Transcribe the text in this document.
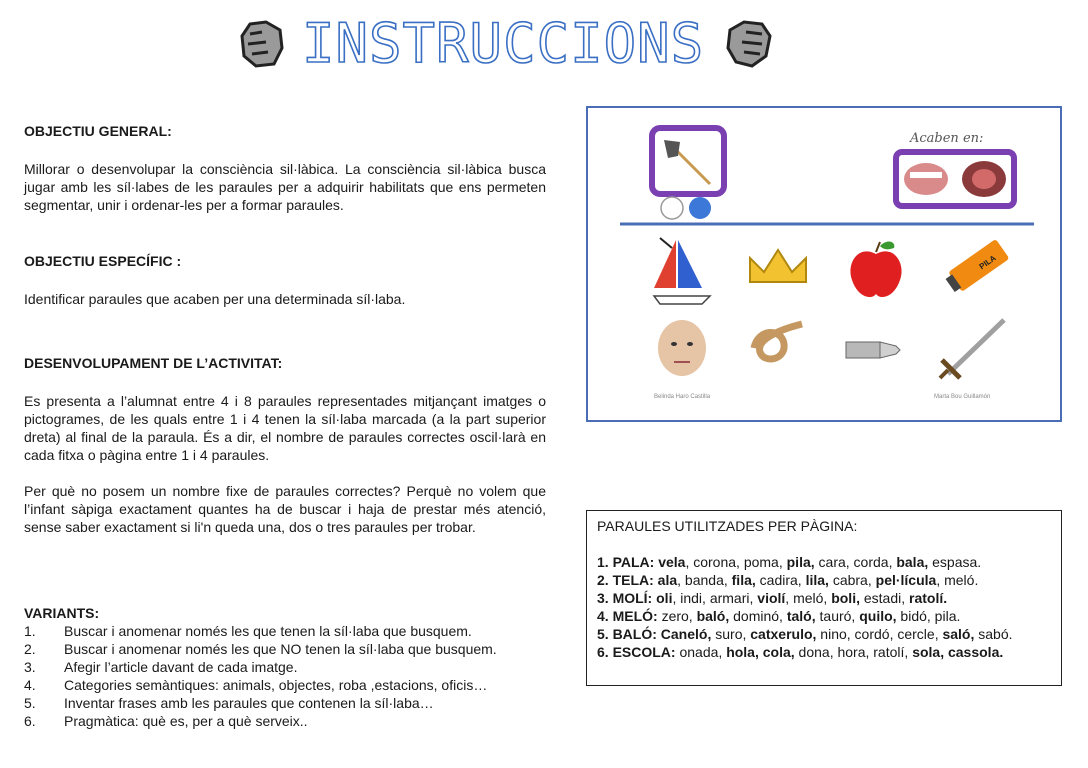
INSTRUCCIONS

OBJECTIU GENERAL:

Millorar o desenvolupar la consciència sil·làbica. La consciència sil·làbica busca jugar amb les síl·labes de les paraules per a adquirir habilitats que ens permeten segmentar, unir i ordenar-les per a formar paraules.

OBJECTIU ESPECÍFIC :

Identificar paraules que acaben per una determinada síl·laba.

DESENVOLUPAMENT DE L’ACTIVITAT:

Es presenta a l’alumnat entre 4 i 8 paraules representades mitjançant imatges o pictogrames, de les quals entre 1 i 4 tenen la síl·laba marcada (a la part superior dreta) al final de la paraula. És a dir, el nombre de paraules correctes oscil·larà en cada fitxa o pàgina entre 1 i 4 paraules.

Per què no posem un nombre fixe de paraules correctes? Perquè no volem que l’infant sàpiga exactament quantes ha de buscar i haja de prestar més atenció, sense saber exactament si li'n queda una, dos o tres paraules per trobar.

VARIANTS:

1.	Buscar i anomenar només les que tenen la síl·laba que busquem.
2.	Buscar i anomenar només les que NO tenen la síl·laba que busquem.
3.	Afegir l’article davant de cada imatge.
4.	Categories semàntiques: animals, objectes, roba ,estacions, oficis…
5.	Inventar frases amb les paraules que contenen la síl·laba…
6.	Pragmàtica: què es, per a què serveix..
Acaben en:
PILA
Belinda Haro Castilla	Marta Bou Guillamón

PARAULES UTILITZADES PER PÀGINA:

1. PALA: vela, corona, poma, pila, cara, corda, bala, espasa.
2. TELA: ala, banda, fila, cadira, lila, cabra, pel·lícula, meló.
3. MOLÍ: oli, indi, armari, violí, meló, boli, estadi, ratolí.
4. MELÓ: zero, baló, dominó, taló, tauró, quilo, bidó, pila.
5. BALÓ: Caneló, suro, catxerulo, nino, cordó, cercle, saló, sabó.
6. ESCOLA: onada, hola, cola, dona, hora, ratolí, sola, cassola.
